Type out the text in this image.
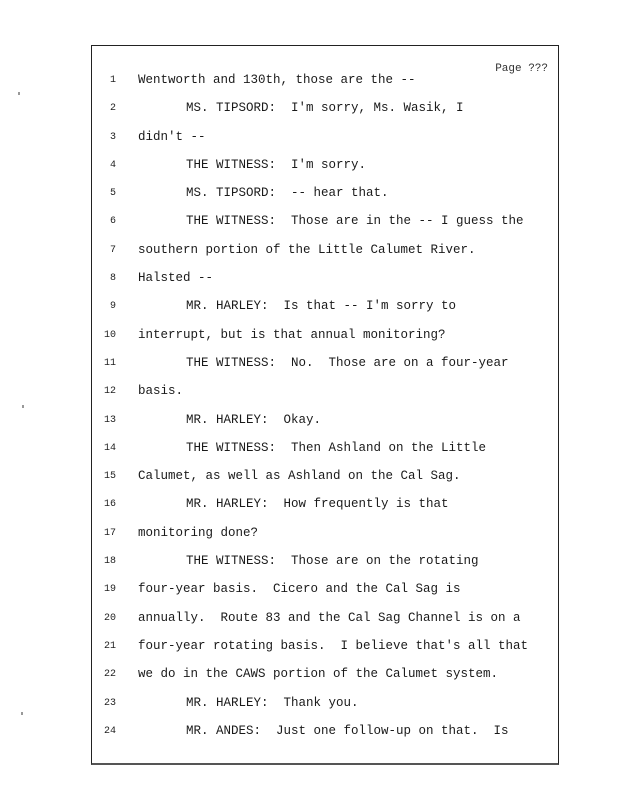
Page ???
1 Wentworth and 130th, those are the --
2	MS. TIPSORD:  I'm sorry, Ms. Wasik, I
3 didn't --
4	THE WITNESS:  I'm sorry.
5	MS. TIPSORD:  -- hear that.
6	THE WITNESS:  Those are in the -- I guess the
7 southern portion of the Little Calumet River.
8 Halsted --
9	MR. HARLEY:  Is that -- I'm sorry to
10 interrupt, but is that annual monitoring?
11	THE WITNESS:  No.  Those are on a four-year
12 basis.
13	MR. HARLEY:  Okay.
14	THE WITNESS:  Then Ashland on the Little
15 Calumet, as well as Ashland on the Cal Sag.
16	MR. HARLEY:  How frequently is that
17 monitoring done?
18	THE WITNESS:  Those are on the rotating
19 four-year basis.  Cicero and the Cal Sag is
20 annually.  Route 83 and the Cal Sag Channel is on a
21 four-year rotating basis.  I believe that's all that
22 we do in the CAWS portion of the Calumet system.
23	MR. HARLEY:  Thank you.
24	MR. ANDES:  Just one follow-up on that.  Is
